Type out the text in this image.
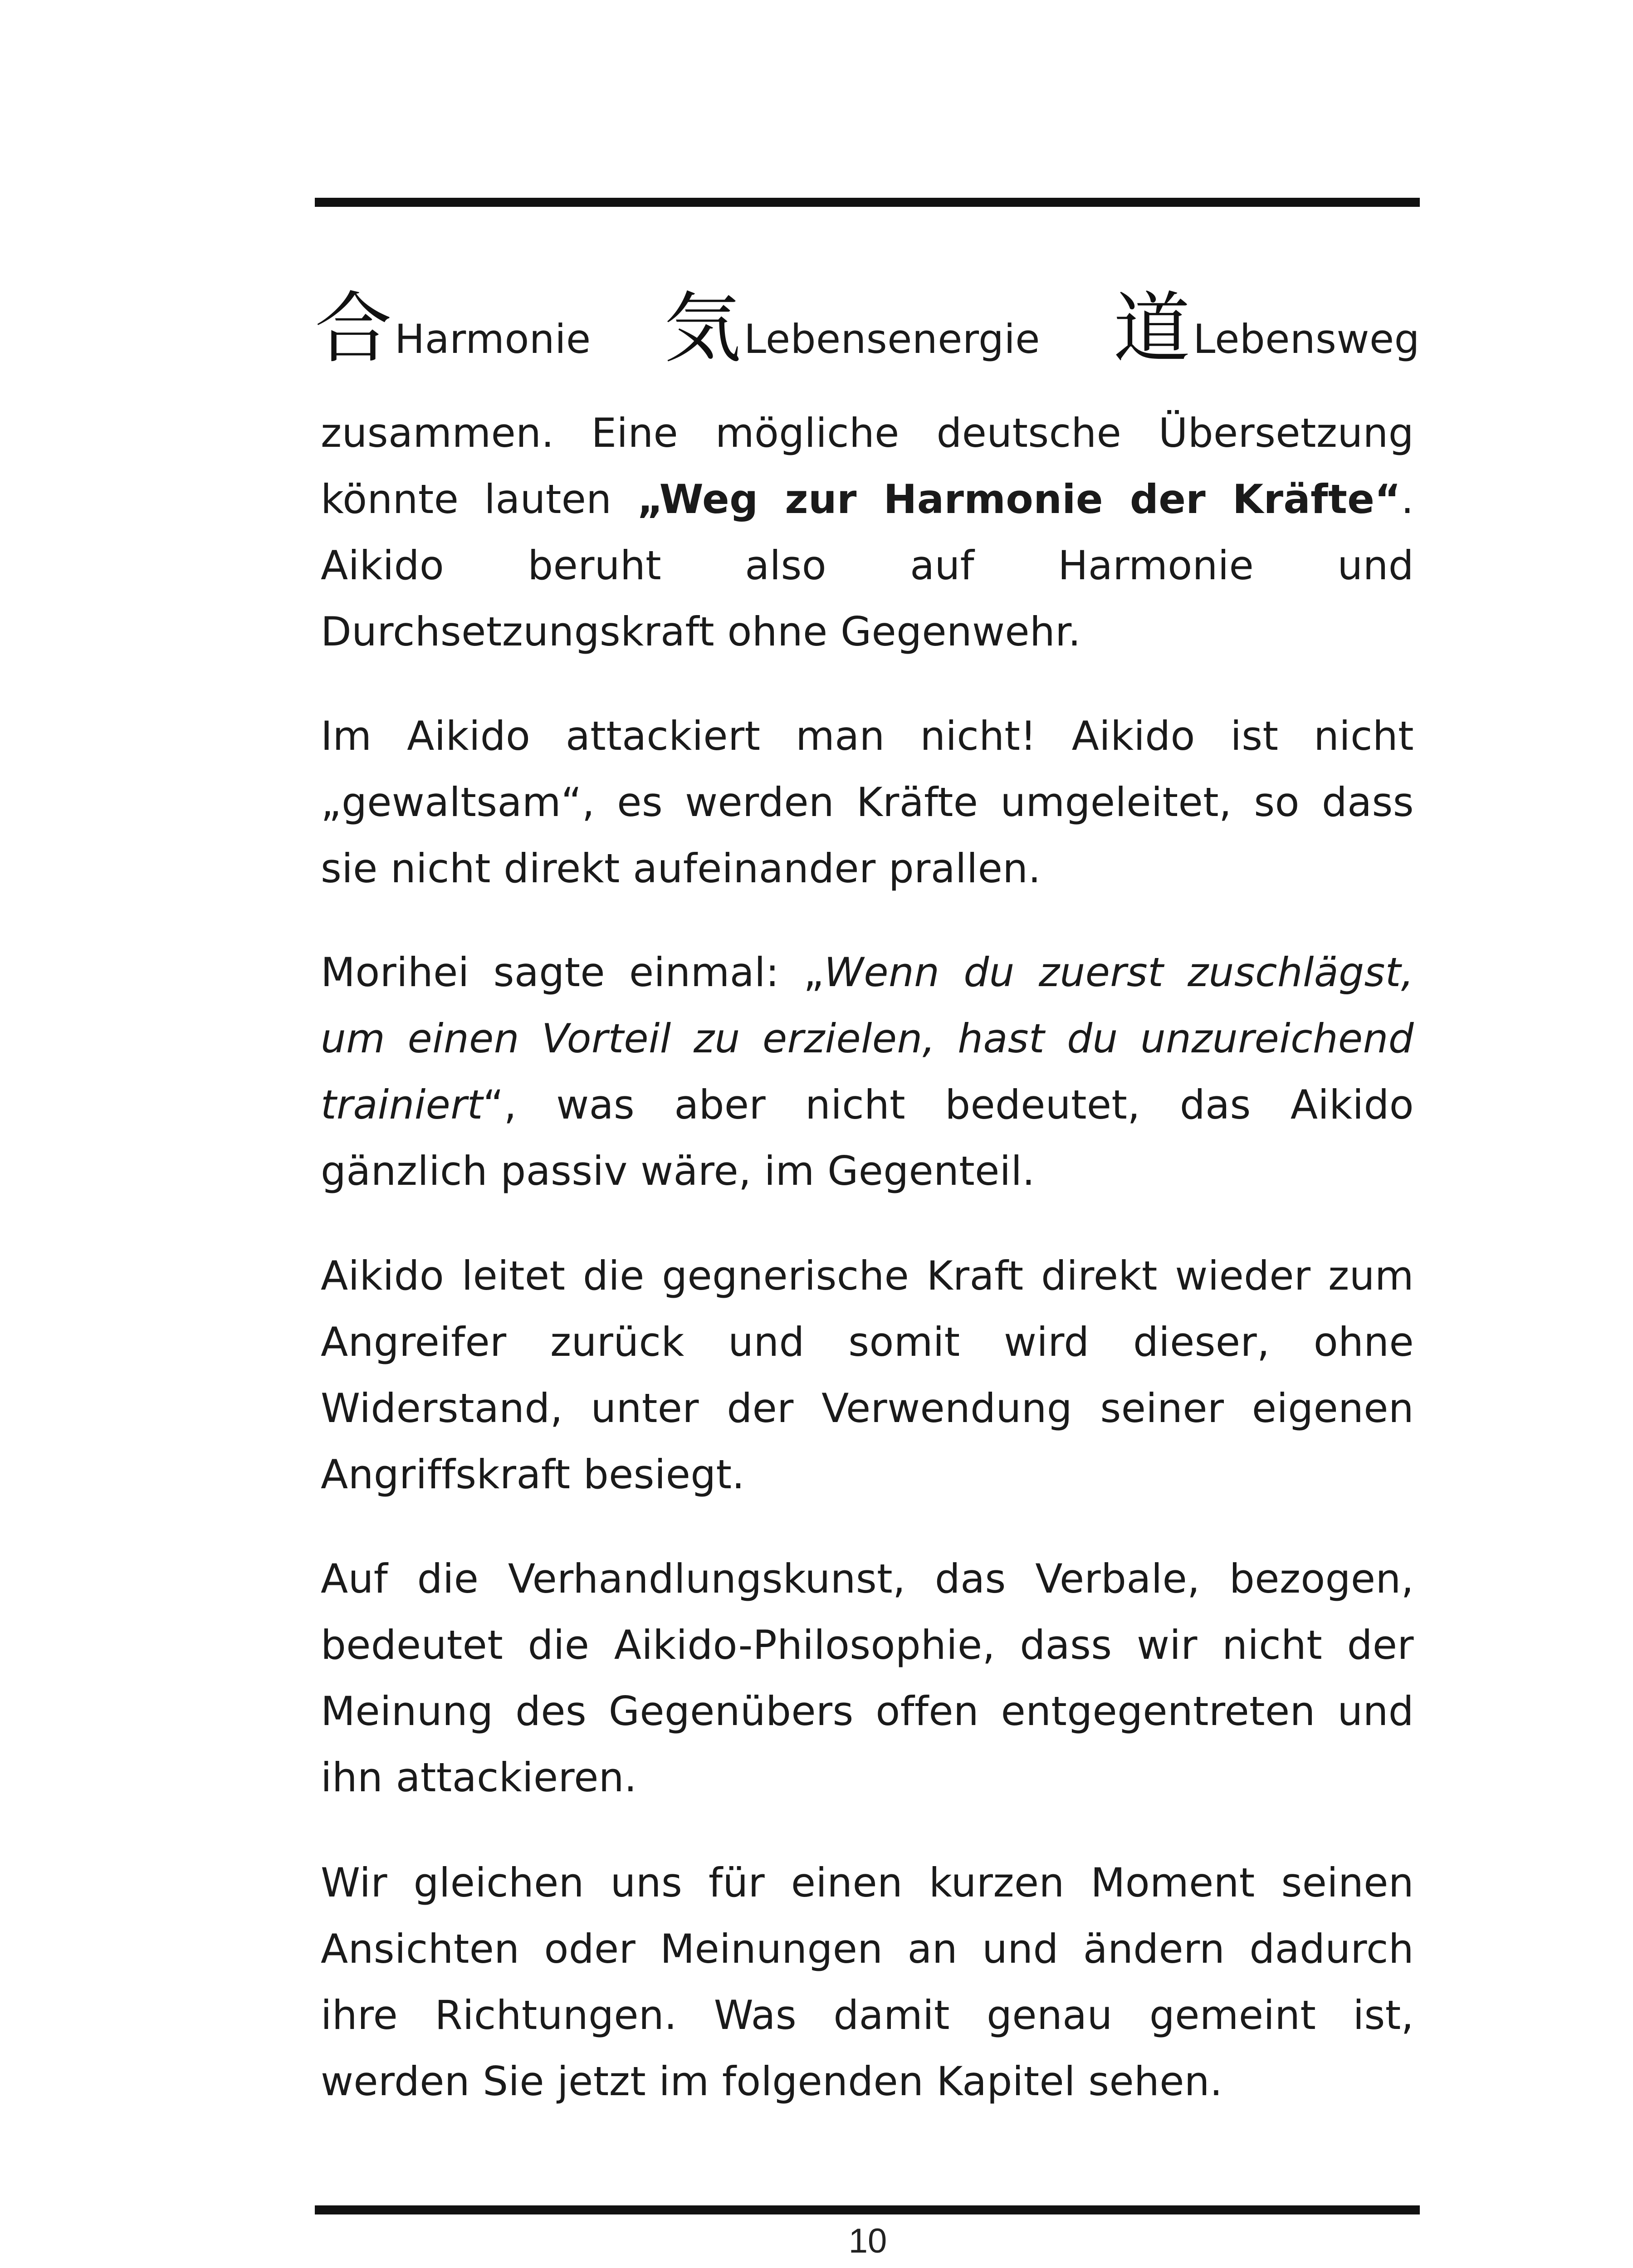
合 Harmonie 気 Lebensenergie 道 Lebensweg

zusammen. Eine mögliche deutsche Übersetzung könnte lauten „Weg zur Harmonie der Kräfte“. Aikido beruht also auf Harmonie und Durchsetzungskraft ohne Gegenwehr.

Im Aikido attackiert man nicht! Aikido ist nicht „gewaltsam“, es werden Kräfte umgeleitet, so dass sie nicht direkt aufeinander prallen.

Morihei sagte einmal: „Wenn du zuerst zuschlägst, um einen Vorteil zu erzielen, hast du unzureichend trainiert“, was aber nicht bedeutet, das Aikido gänzlich passiv wäre, im Gegenteil.

Aikido leitet die gegnerische Kraft direkt wieder zum Angreifer zurück und somit wird dieser, ohne Widerstand, unter der Verwendung seiner eigenen Angriffskraft besiegt.

Auf die Verhandlungskunst, das Verbale, bezogen, bedeutet die Aikido-Philosophie, dass wir nicht der Meinung des Gegenübers offen entgegentreten und ihn attackieren.

Wir gleichen uns für einen kurzen Moment seinen Ansichten oder Meinungen an und ändern dadurch ihre Richtungen. Was damit genau gemeint ist, werden Sie jetzt im folgenden Kapitel sehen.

10
